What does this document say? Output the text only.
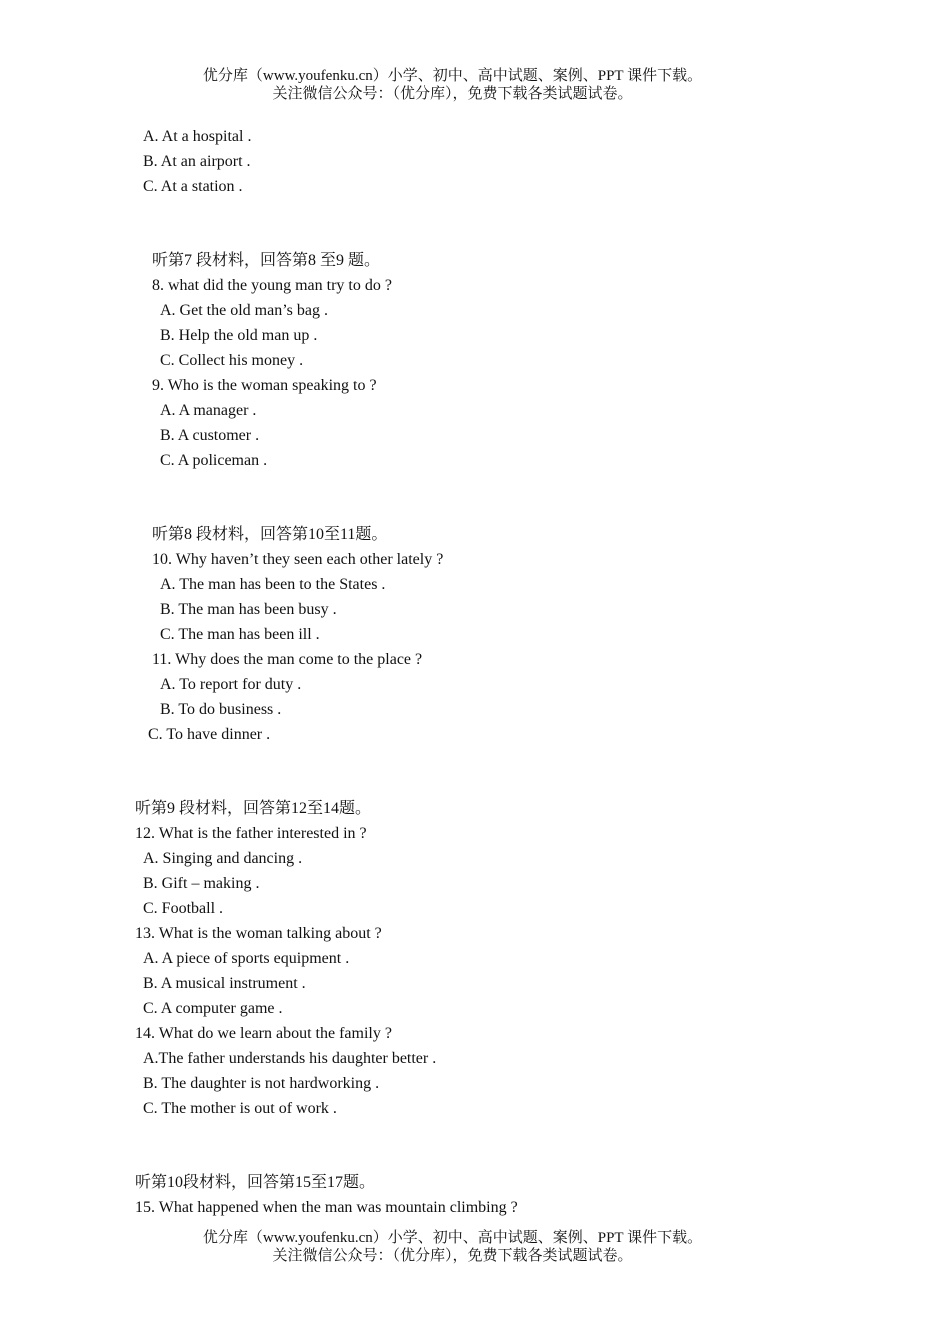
优分库（www.youfenku.cn）小学、初中、高中试题、案例、PPT 课件下载。
关注微信公众号：（优分库），免费下载各类试题试卷。
A. At a hospital .
B. At an airport .
C. At a station .
听第7 段材料，回答第8 至9 题。
8. what did the young man try to do ?
A. Get the old man’s bag .
B. Help the old man up .
C. Collect his money .
9. Who is the woman speaking to ?
A. A manager .
B. A customer .
C. A policeman .
听第8 段材料，回答第10至11题。
10. Why haven’t they seen each other lately ?
A. The man has been to the States .
B. The man has been busy .
C. The man has been ill .
11. Why does the man come to the place ?
A. To report for duty .
B. To do business .
C. To have dinner .
听第9 段材料，回答第12至14题。
12. What is the father interested in ?
A. Singing and dancing .
B. Gift – making .
C. Football .
13. What is the woman talking about ?
A. A piece of sports equipment .
B. A musical instrument .
C. A computer game .
14. What do we learn about the family ?
A.The father understands his daughter better .
B. The daughter is not hardworking .
C. The mother is out of work .
听第10段材料，回答第15至17题。
15. What happened when the man was mountain climbing ?
优分库（www.youfenku.cn）小学、初中、高中试题、案例、PPT 课件下载。
关注微信公众号：（优分库），免费下载各类试题试卷。
